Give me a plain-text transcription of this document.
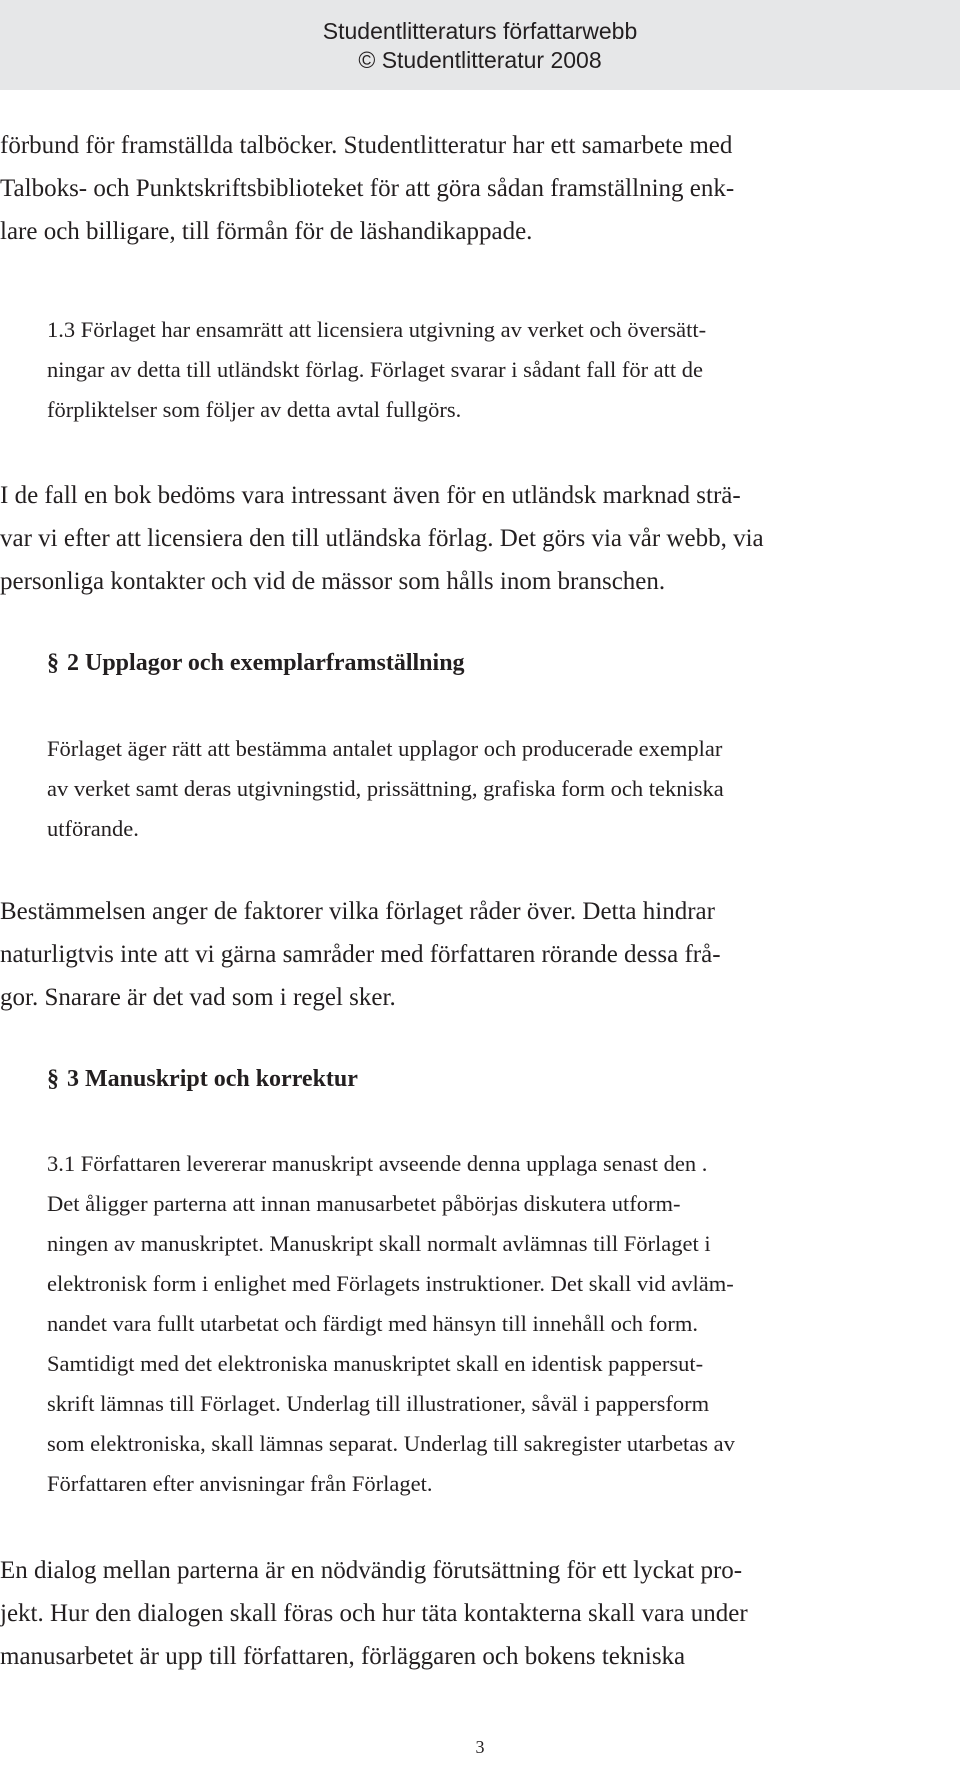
Studentlitteraturs författarwebb
© Studentlitteratur 2008
förbund för framställda talböcker. Studentlitteratur har ett samarbete med
Talboks- och Punktskriftsbiblioteket för att göra sådan framställning enk-
lare och billigare, till förmån för de läshandikappade.
1.3 Förlaget har ensamrätt att licensiera utgivning av verket och översätt-
ningar av detta till utländskt förlag. Förlaget svarar i sådant fall för att de
förpliktelser som följer av detta avtal fullgörs.
I de fall en bok bedöms vara intressant även för en utländsk marknad strä-
var vi efter att licensiera den till utländska förlag. Det görs via vår webb, via
personliga kontakter och vid de mässor som hålls inom branschen.
§ 2 Upplagor och exemplarframställning
Förlaget äger rätt att bestämma antalet upplagor och producerade exemplar
av verket samt deras utgivningstid, prissättning, grafiska form och tekniska
utförande.
Bestämmelsen anger de faktorer vilka förlaget råder över. Detta hindrar
naturligtvis inte att vi gärna samråder med författaren rörande dessa frå-
gor. Snarare är det vad som i regel sker.
§ 3 Manuskript och korrektur
3.1 Författaren levererar manuskript avseende denna upplaga senast den .
Det åligger parterna att innan manusarbetet påbörjas diskutera utform-
ningen av manuskriptet. Manuskript skall normalt avlämnas till Förlaget i
elektronisk form i enlighet med Förlagets instruktioner. Det skall vid avläm-
nandet vara fullt utarbetat och färdigt med hänsyn till innehåll och form.
Samtidigt med det elektroniska manuskriptet skall en identisk pappersut-
skrift lämnas till Förlaget. Underlag till illustrationer, såväl i pappersform
som elektroniska, skall lämnas separat. Underlag till sakregister utarbetas av
Författaren efter anvisningar från Förlaget.
En dialog mellan parterna är en nödvändig förutsättning för ett lyckat pro-
jekt. Hur den dialogen skall föras och hur täta kontakterna skall vara under
manusarbetet är upp till författaren, förläggaren och bokens tekniska
3
